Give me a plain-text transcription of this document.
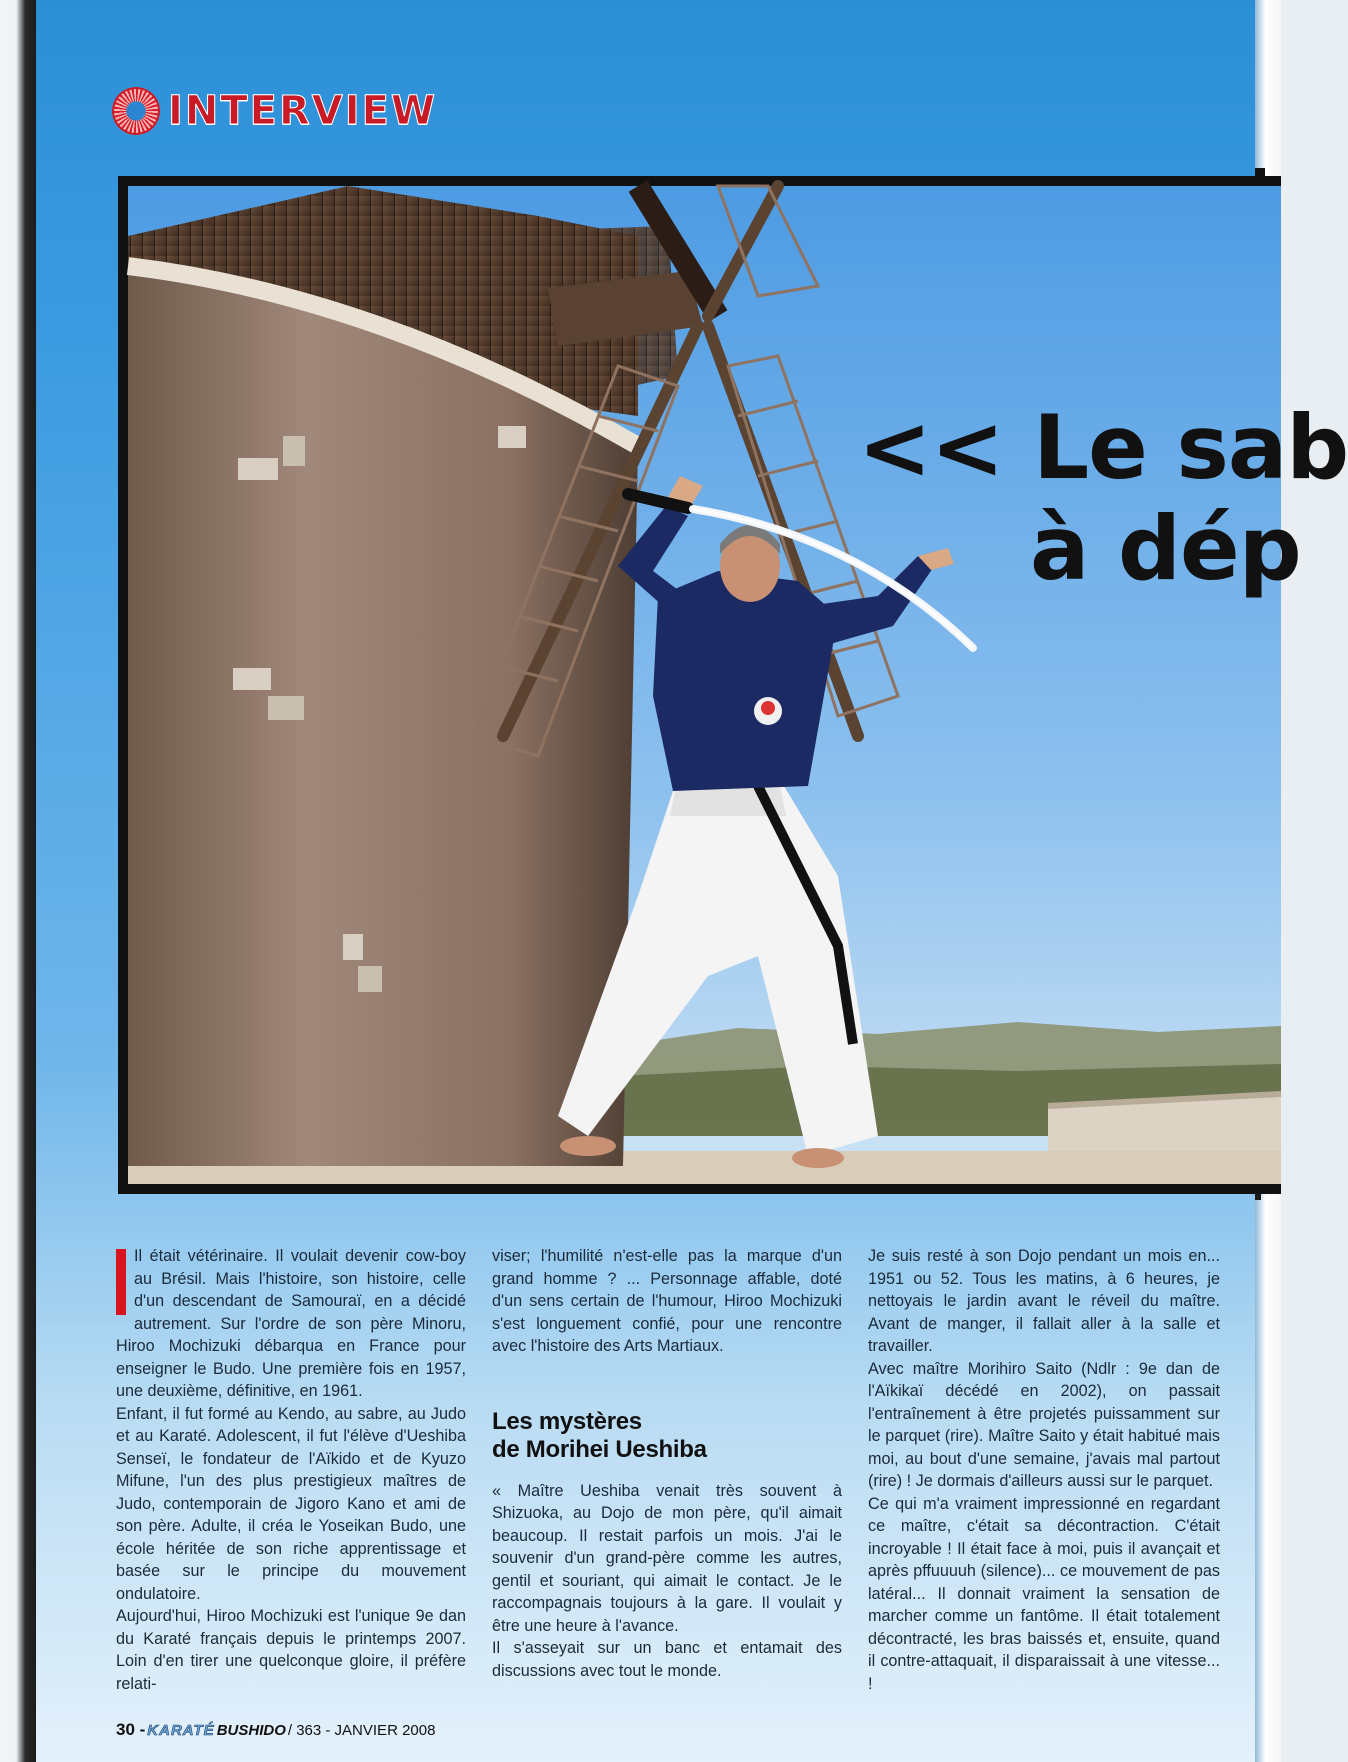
INTERVIEW
<< Le sab
à dép

Il était vétérinaire. Il voulait devenir cow-boy au Brésil. Mais l'histoire, son histoire, celle d'un descendant de Samouraï, en a décidé autrement. Sur l'ordre de son père Minoru, Hiroo Mochizuki débarqua en France pour enseigner le Budo. Une première fois en 1957, une deuxième, définitive, en 1961.

Enfant, il fut formé au Kendo, au sabre, au Judo et au Karaté. Adolescent, il fut l'élève d'Ueshiba Senseï, le fondateur de l'Aïkido et de Kyuzo Mifune, l'un des plus prestigieux maîtres de Judo, contemporain de Jigoro Kano et ami de son père. Adulte, il créa le Yoseikan Budo, une école héritée de son riche apprentissage et basée sur le principe du mouvement ondulatoire.

Aujourd'hui, Hiroo Mochizuki est l'unique 9e dan du Karaté français depuis le printemps 2007. Loin d'en tirer une quelconque gloire, il préfère relati-

viser; l'humilité n'est-elle pas la marque d'un grand homme ? ... Personnage affable, doté d'un sens certain de l'humour, Hiroo Mochizuki s'est longuement confié, pour une rencontre avec l'histoire des Arts Martiaux.

Les mystères
de Morihei Ueshiba

« Maître Ueshiba venait très souvent à Shizuoka, au Dojo de mon père, qu'il aimait beaucoup. Il restait parfois un mois. J'ai le souvenir d'un grand-père comme les autres, gentil et souriant, qui aimait le contact. Je le raccompagnais toujours à la gare. Il voulait y être une heure à l'avance.

Il s'asseyait sur un banc et entamait des discussions avec tout le monde.

Je suis resté à son Dojo pendant un mois en... 1951 ou 52. Tous les matins, à 6 heures, je nettoyais le jardin avant le réveil du maître. Avant de manger, il fallait aller à la salle et travailler.

Avec maître Morihiro Saito (Ndlr : 9e dan de l'Aïkikaï décédé en 2002), on passait l'entraînement à être projetés puissamment sur le parquet (rire). Maître Saito y était habitué mais moi, au bout d'une semaine, j'avais mal partout (rire) ! Je dormais d'ailleurs aussi sur le parquet.

Ce qui m'a vraiment impressionné en regardant ce maître, c'était sa décontraction. C'était incroyable ! Il était face à moi, puis il avançait et après pffuuuuh (silence)... ce mouvement de pas latéral... Il donnait vraiment la sensation de marcher comme un fantôme. Il était totalement décontracté, les bras baissés et, ensuite, quand il contre-attaquait, il disparaissait à une vitesse... !

30 - KARATÉ BUSHIDO / 363 - JANVIER 2008
